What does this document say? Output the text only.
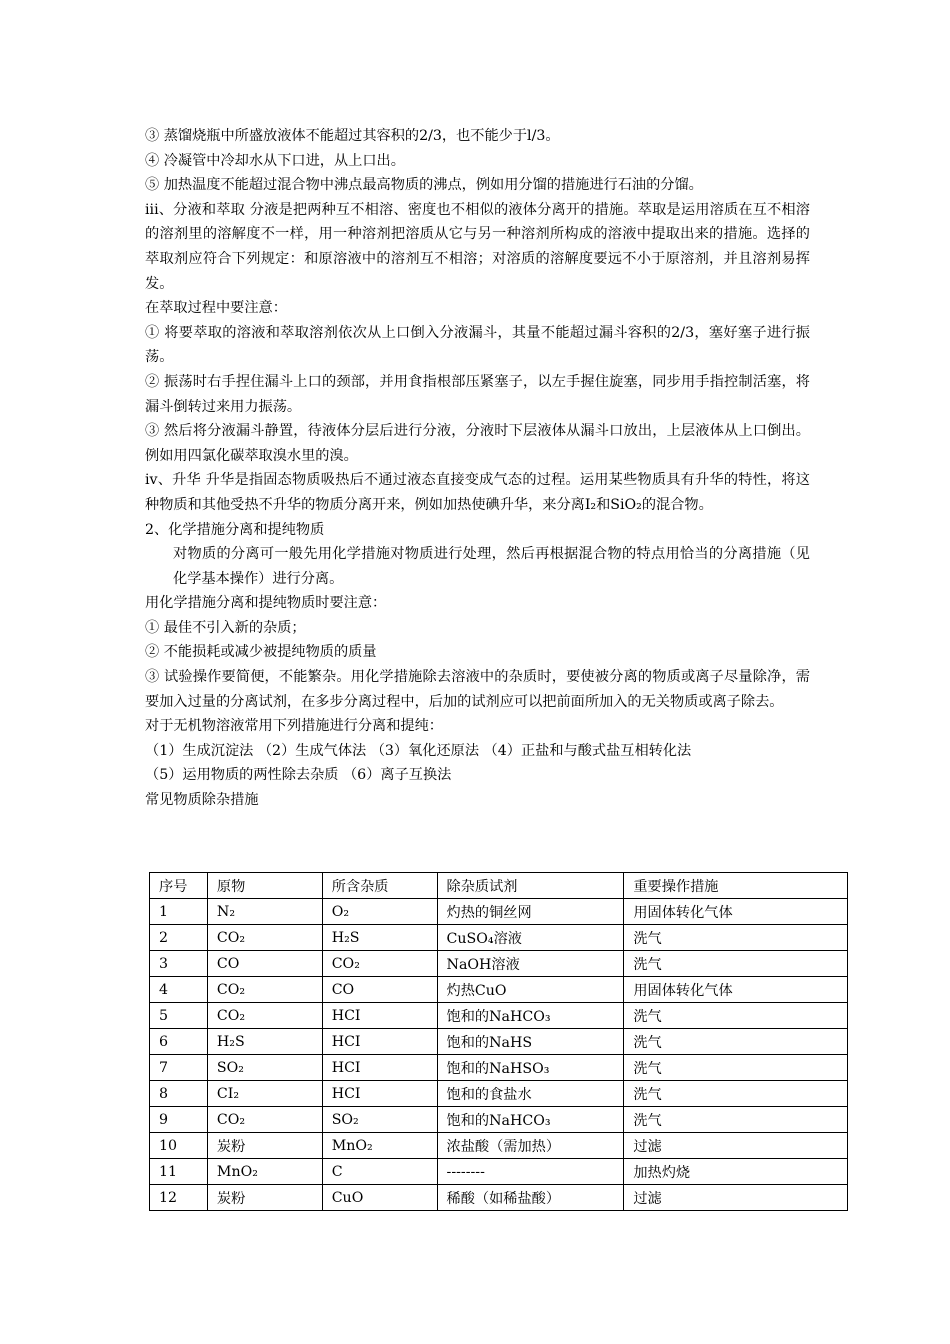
③ 蒸馏烧瓶中所盛放液体不能超过其容积的2/3，也不能少于l/3。
④ 冷凝管中冷却水从下口进，从上口出。
⑤ 加热温度不能超过混合物中沸点最高物质的沸点，例如用分馏的措施进行石油的分馏。
iii、分液和萃取 分液是把两种互不相溶、密度也不相似的液体分离开的措施。萃取是运用溶质在互不相溶的溶剂里的溶解度不一样，用一种溶剂把溶质从它与另一种溶剂所构成的溶液中提取出来的措施。选择的萃取剂应符合下列规定：和原溶液中的溶剂互不相溶；对溶质的溶解度要远不小于原溶剂，并且溶剂易挥发。
在萃取过程中要注意：
① 将要萃取的溶液和萃取溶剂依次从上口倒入分液漏斗，其量不能超过漏斗容积的2/3，塞好塞子进行振荡。
② 振荡时右手捏住漏斗上口的颈部，并用食指根部压紧塞子，以左手握住旋塞，同步用手指控制活塞，将漏斗倒转过来用力振荡。
③ 然后将分液漏斗静置，待液体分层后进行分液，分液时下层液体从漏斗口放出，上层液体从上口倒出。例如用四氯化碳萃取溴水里的溴。
iv、升华 升华是指固态物质吸热后不通过液态直接变成气态的过程。运用某些物质具有升华的特性，将这种物质和其他受热不升华的物质分离开来，例如加热使碘升华，来分离I₂和SiO₂的混合物。
2、化学措施分离和提纯物质
对物质的分离可一般先用化学措施对物质进行处理，然后再根据混合物的特点用恰当的分离措施（见化学基本操作）进行分离。
用化学措施分离和提纯物质时要注意：
① 最佳不引入新的杂质；
② 不能损耗或减少被提纯物质的质量
③ 试验操作要简便，不能繁杂。用化学措施除去溶液中的杂质时，要使被分离的物质或离子尽量除净，需要加入过量的分离试剂，在多步分离过程中，后加的试剂应可以把前面所加入的无关物质或离子除去。
对于无机物溶液常用下列措施进行分离和提纯：
（1）生成沉淀法 （2）生成气体法 （3）氧化还原法 （4）正盐和与酸式盐互相转化法
（5）运用物质的两性除去杂质 （6）离子互换法
常见物质除杂措施
序号	原物	所含杂质	除杂质试剂	重要操作措施
1	N₂	O₂	灼热的铜丝网	用固体转化气体
2	CO₂	H₂S	CuSO₄溶液	洗气
3	CO	CO₂	NaOH溶液	洗气
4	CO₂	CO	灼热CuO	用固体转化气体
5	CO₂	HCI	饱和的NaHCO₃	洗气
6	H₂S	HCI	饱和的NaHS	洗气
7	SO₂	HCI	饱和的NaHSO₃	洗气
8	CI₂	HCI	饱和的食盐水	洗气
9	CO₂	SO₂	饱和的NaHCO₃	洗气
10	炭粉	MnO₂	浓盐酸（需加热）	过滤
11	MnO₂	C	--------	加热灼烧
12	炭粉	CuO	稀酸（如稀盐酸）	过滤
